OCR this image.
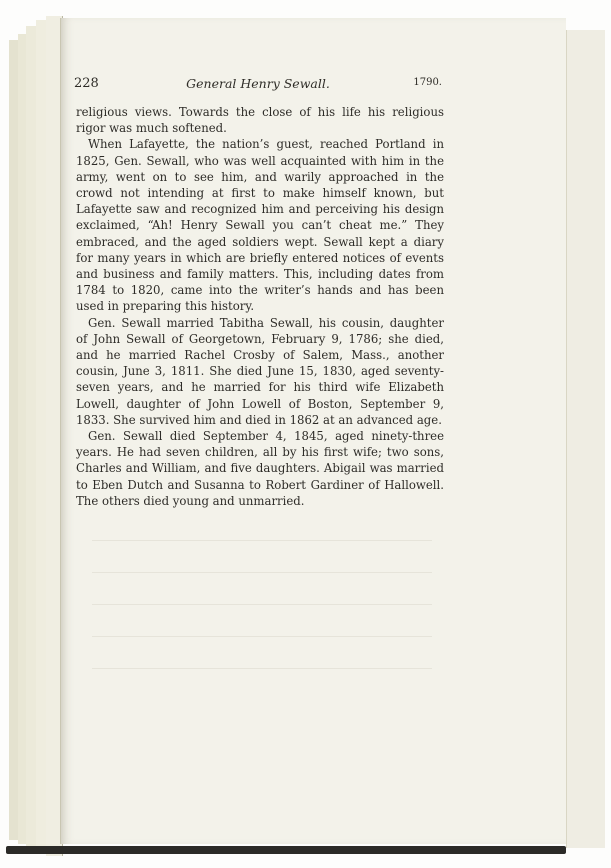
228	General Henry Sewall.	1790.

religious views. Towards the close of his life his religious rigor was much softened.

When Lafayette, the nation’s guest, reached Portland in 1825, Gen. Sewall, who was well acquainted with him in the army, went on to see him, and warily approached in the crowd not intending at first to make himself known, but Lafayette saw and recognized him and perceiving his design exclaimed, “Ah! Henry Sewall you can’t cheat me.” They embraced, and the aged soldiers wept. Sewall kept a diary for many years in which are briefly entered notices of events and business and family matters. This, including dates from 1784 to 1820, came into the writer’s hands and has been used in preparing this history.

Gen. Sewall married Tabitha Sewall, his cousin, daughter of John Sewall of Georgetown, February 9, 1786; she died, and he married Rachel Crosby of Salem, Mass., another cousin, June 3, 1811. She died June 15, 1830, aged seventy-seven years, and he married for his third wife Elizabeth Lowell, daughter of John Lowell of Boston, September 9, 1833. She survived him and died in 1862 at an advanced age.

Gen. Sewall died September 4, 1845, aged ninety-three years. He had seven children, all by his first wife; two sons, Charles and William, and five daughters. Abigail was married to Eben Dutch and Susanna to Robert Gardiner of Hallowell. The others died young and unmarried.
